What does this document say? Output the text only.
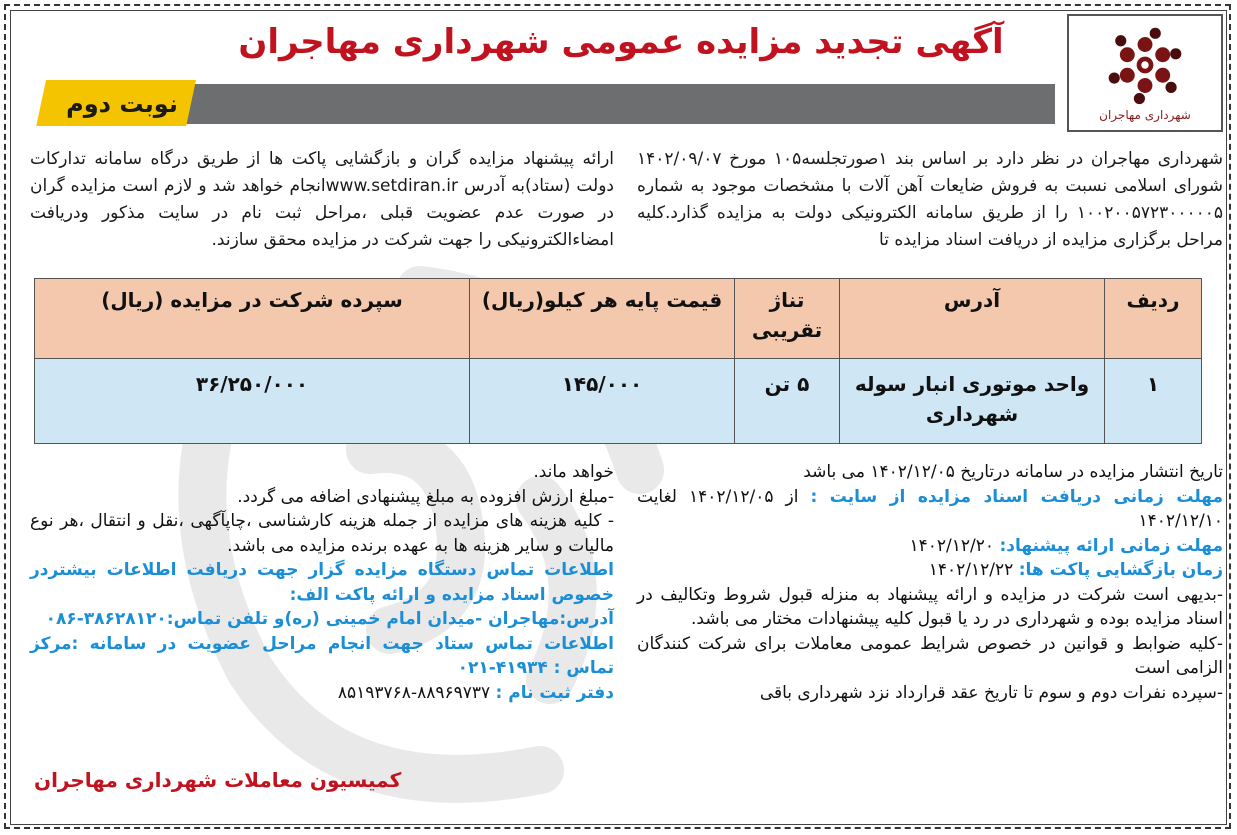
شهرداری مهاجران
آگهی تجدید مزایده عمومی شهرداری مهاجران
نوبت دوم
شهرداری مهاجران در نظر دارد بر اساس بند ۱صورتجلسه۱۰۵ مورخ ۱۴۰۲/۰۹/۰۷ شورای اسلامی نسبت به فروش ضایعات آهن آلات با مشخصات موجود به شماره ۱۰۰۲۰۰۵۷۲۳۰۰۰۰۰۵ را از طریق سامانه الکترونیکی دولت به مزایده گذارد.کلیه مراحل برگزاری مزایده از دریافت اسناد مزایده تا
ارائه پیشنهاد مزایده گران و بازگشایی پاکت ها از طریق درگاه سامانه تدارکات دولت (ستاد)به آدرس www.setdiran.irانجام خواهد شد و لازم است مزایده گران در صورت عدم عضویت قبلی ،مراحل ثبت نام در سایت مذکور ودریافت امضاءالکترونیکی را جهت شرکت در مزایده محقق سازند.
ردیف	آدرس	تناژ تقریبی	قیمت پایه هر کیلو(ریال)	سپرده شرکت در مزایده (ریال)
۱	واحد موتوری انبار سوله شهرداری	۵ تن	۱۴۵/۰۰۰	۳۶/۲۵۰/۰۰۰

تاریخ انتشار مزایده در سامانه درتاریخ ۱۴۰۲/۱۲/۰۵ می باشد

مهلت زمانی دریافت اسناد مزایده از سایت : از ۱۴۰۲/۱۲/۰۵ لغایت ۱۴۰۲/۱۲/۱۰

مهلت زمانی ارائه پیشنهاد: ۱۴۰۲/۱۲/۲۰

زمان بازگشایی پاکت ها: ۱۴۰۲/۱۲/۲۲

-بدیهی است شرکت در مزایده و ارائه پیشنهاد به منزله قبول شروط وتکالیف در اسناد مزایده بوده و شهرداری در رد یا قبول کلیه پیشنهادات مختار می باشد.

-کلیه ضوابط و قوانین در خصوص شرایط عمومی معاملات برای شرکت کنندگان الزامی است

-سپرده نفرات دوم و سوم تا تاریخ عقد قرارداد نزد شهرداری باقی

خواهد ماند.

-مبلغ ارزش افزوده به مبلغ پیشنهادی اضافه می گردد.

- کلیه هزینه های مزایده از جمله هزینه کارشناسی ،چاپآگهی ،نقل و انتقال ،هر نوع مالیات و سایر هزینه ها به عهده برنده مزایده می باشد.

اطلاعات تماس دستگاه مزایده گزار جهت دریافت اطلاعات بیشتردر خصوص اسناد مزایده و ارائه پاکت الف:

آدرس:مهاجران -میدان امام خمینی (ره)و تلفن تماس:۳۸۶۲۸۱۲۰-۰۸۶

اطلاعات تماس ستاد جهت انجام مراحل عضویت در سامانه :مرکز تماس : ۴۱۹۳۴-۰۲۱

دفتر ثبت نام : ۸۸۹۶۹۷۳۷-۸۵۱۹۳۷۶۸

کمیسیون معاملات شهرداری مهاجران
